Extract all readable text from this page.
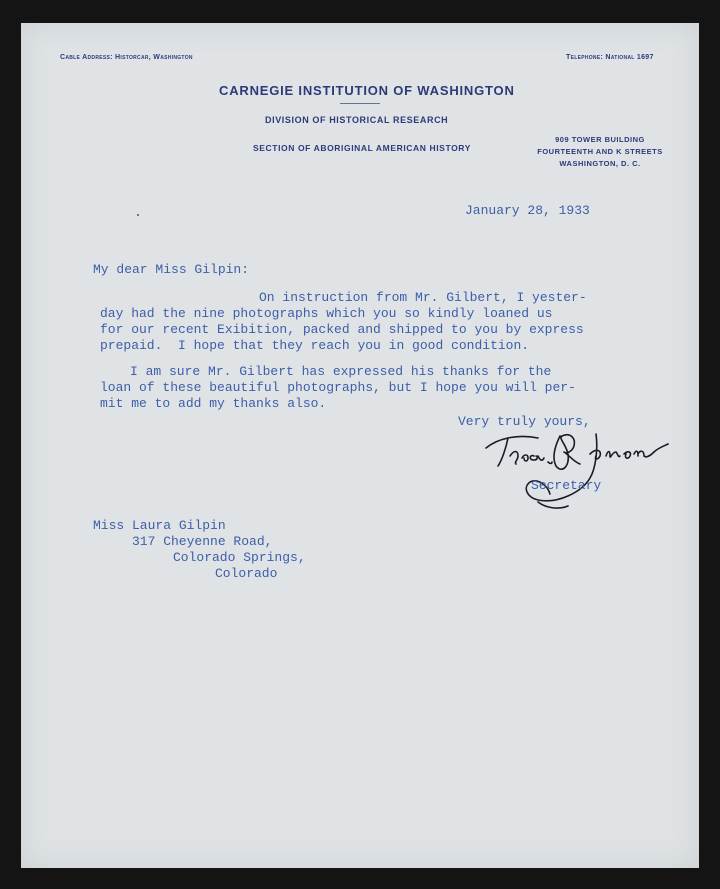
Cable Address: Historcar, Washington	Telephone: National 1697
CARNEGIE INSTITUTION OF WASHINGTON
DIVISION OF HISTORICAL RESEARCH
SECTION OF ABORIGINAL AMERICAN HISTORY
909 TOWER BUILDING
FOURTEENTH AND K STREETS
WASHINGTON, D. C.
January 28, 1933
My dear Miss Gilpin:
On instruction from Mr. Gilbert, I yester-
day had the nine photographs which you so kindly loaned us
for our recent Exibition, packed and shipped to you by express
prepaid.  I hope that they reach you in good condition.
I am sure Mr. Gilbert has expressed his thanks for the
loan of these beautiful photographs, but I hope you will per-
mit me to add my thanks also.
Very truly yours,
Secretary
Miss Laura Gilpin
317 Cheyenne Road,
Colorado Springs,
Colorado
